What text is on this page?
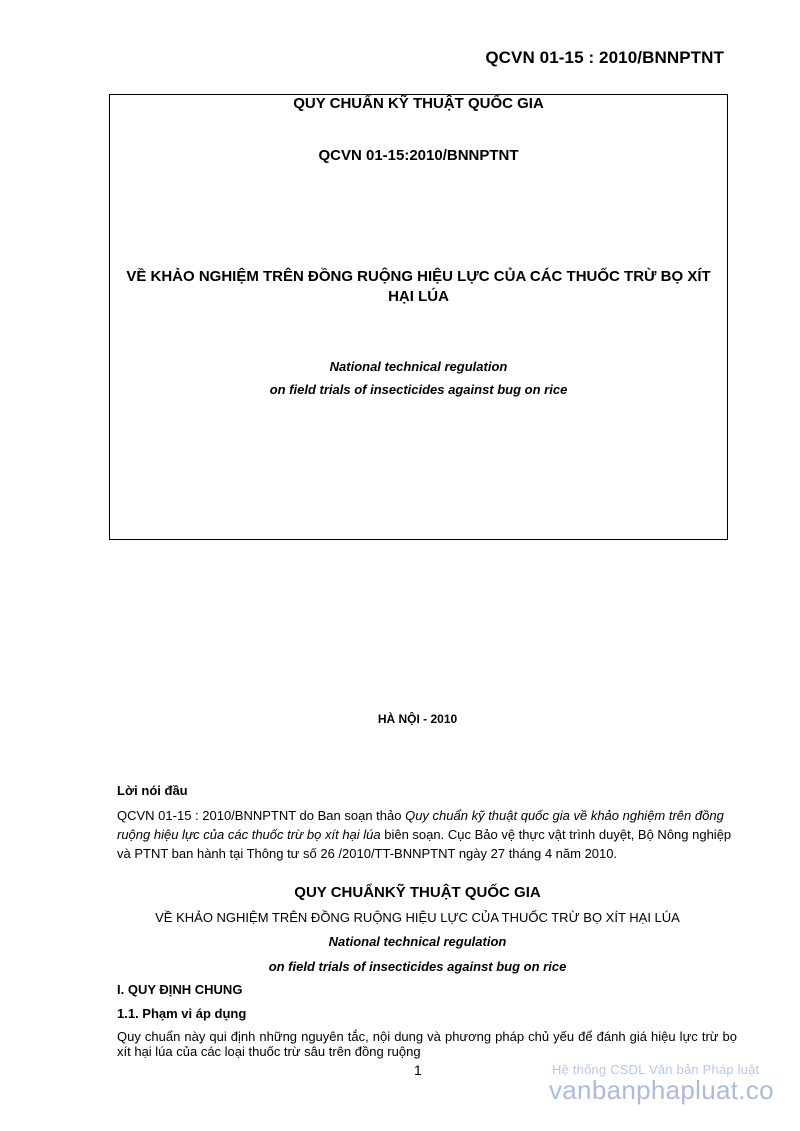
QCVN 01-15 : 2010/BNNPTNT
QUY CHUẨN KỸ THUẬT QUỐC GIA
QCVN 01-15:2010/BNNPTNT
VỀ KHẢO NGHIỆM TRÊN ĐỒNG RUỘNG HIỆU LỰC CỦA CÁC THUỐC TRỪ BỌ XÍT HẠI LÚA
National technical regulation
on field trials of insecticides against bug on rice
HÀ NỘI - 2010
Lời nói đầu
QCVN 01-15 : 2010/BNNPTNT do Ban soạn thảo Quy chuẩn kỹ thuật quốc gia về khảo nghiệm trên đồng ruộng hiệu lực của các thuốc trừ bọ xít hại lúa biên soạn. Cục Bảo vệ thực vật trình duyệt, Bộ Nông nghiệp và PTNT ban hành tại Thông tư số 26 /2010/TT-BNNPTNT ngày 27 tháng 4 năm 2010.
QUY CHUẨNKỸ THUẬT QUỐC GIA
VỀ KHẢO NGHIỆM TRÊN ĐỒNG RUỘNG HIỆU LỰC CỦA THUỐC TRỪ BỌ XÍT HẠI LÚA
National technical regulation
on field trials of insecticides against bug on rice
I. QUY ĐỊNH CHUNG
1.1. Phạm vi áp dụng
Quy chuẩn này qui định những nguyên tắc, nội dung và phương pháp chủ yếu để đánh giá hiệu lực trừ bọ xít hại lúa của các loại thuốc trừ sâu trên đồng ruộng
1	Hệ thống CSDL Văn bản Pháp luật
vanbanphapluat.co
